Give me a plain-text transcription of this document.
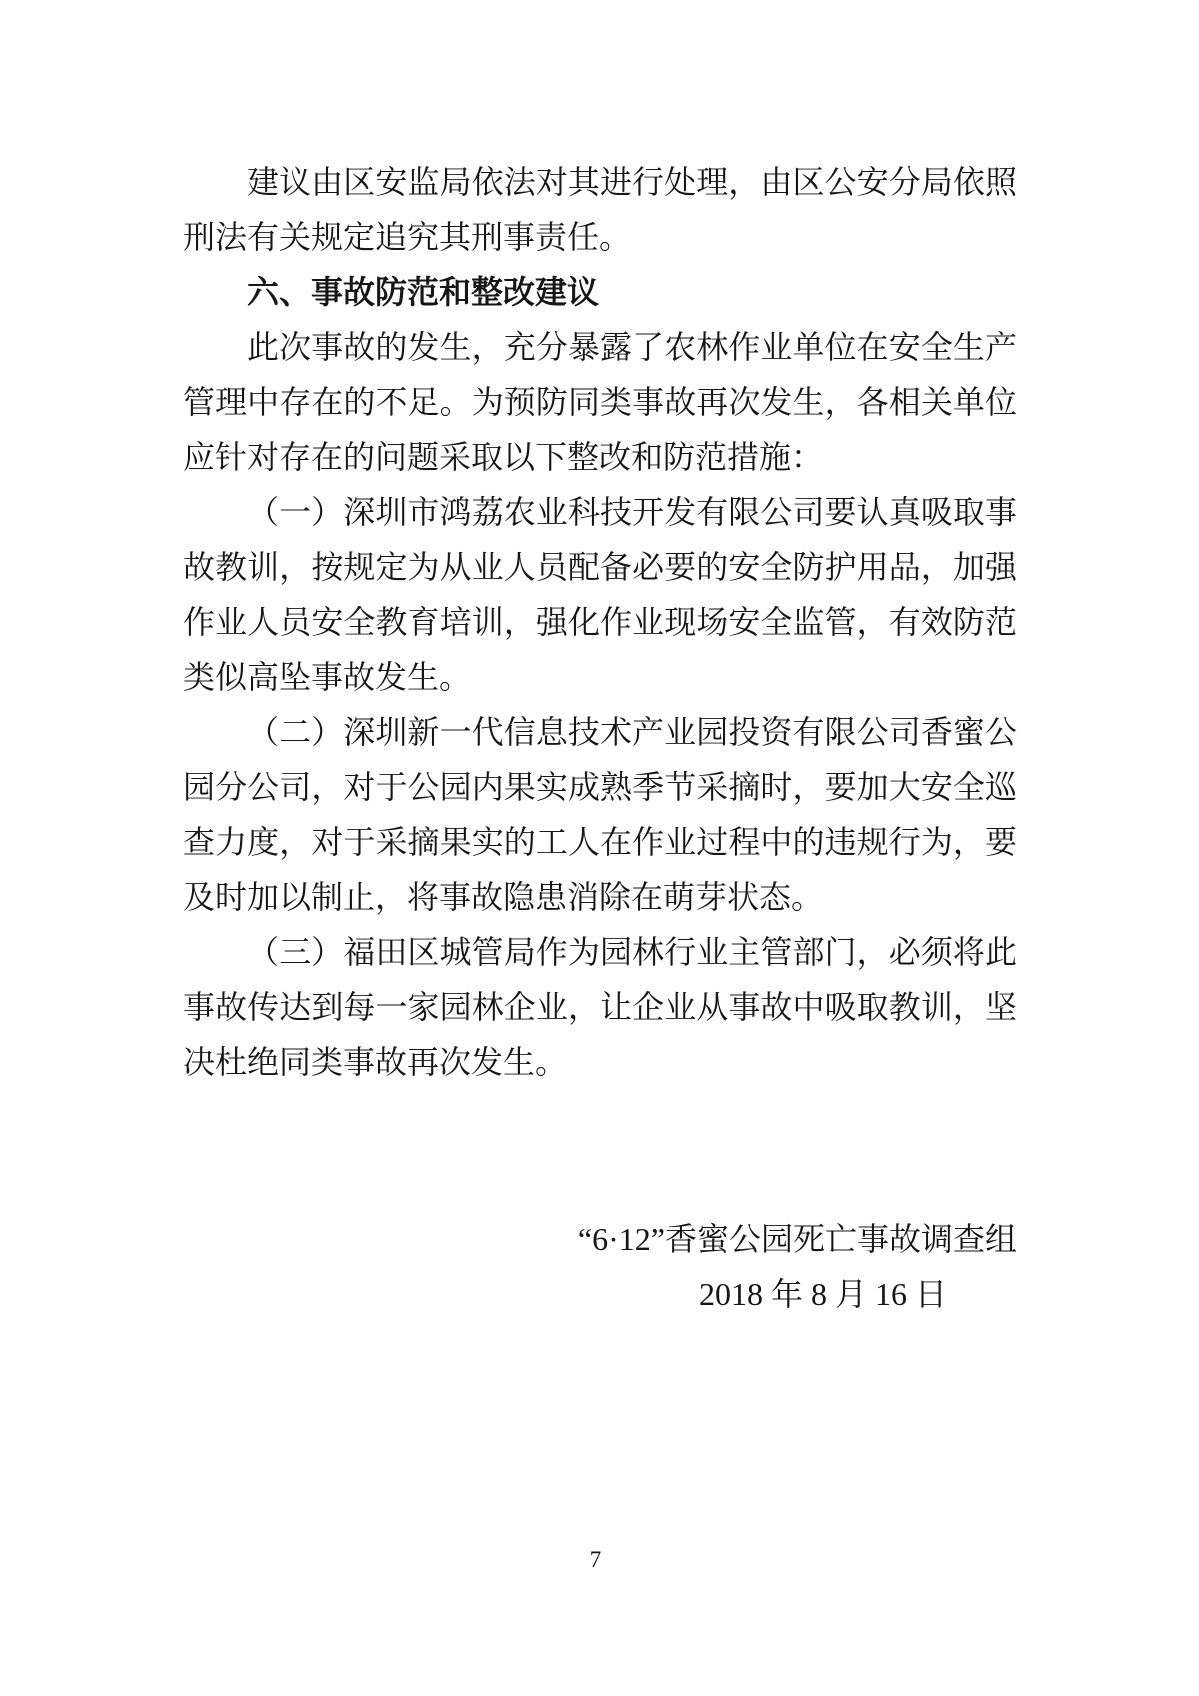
建议由区安监局依法对其进行处理，由区公安分局依照
刑法有关规定追究其刑事责任。
六、事故防范和整改建议
此次事故的发生，充分暴露了农林作业单位在安全生产
管理中存在的不足。为预防同类事故再次发生，各相关单位
应针对存在的问题采取以下整改和防范措施：
（一）深圳市鸿荔农业科技开发有限公司要认真吸取事
故教训，按规定为从业人员配备必要的安全防护用品，加强
作业人员安全教育培训，强化作业现场安全监管，有效防范
类似高坠事故发生。
（二）深圳新一代信息技术产业园投资有限公司香蜜公
园分公司，对于公园内果实成熟季节采摘时，要加大安全巡
查力度，对于采摘果实的工人在作业过程中的违规行为，要
及时加以制止，将事故隐患消除在萌芽状态。
（三）福田区城管局作为园林行业主管部门，必须将此
事故传达到每一家园林企业，让企业从事故中吸取教训，坚
决杜绝同类事故再次发生。
“6·12”香蜜公园死亡事故调查组
2018 年 8 月 16 日
7
